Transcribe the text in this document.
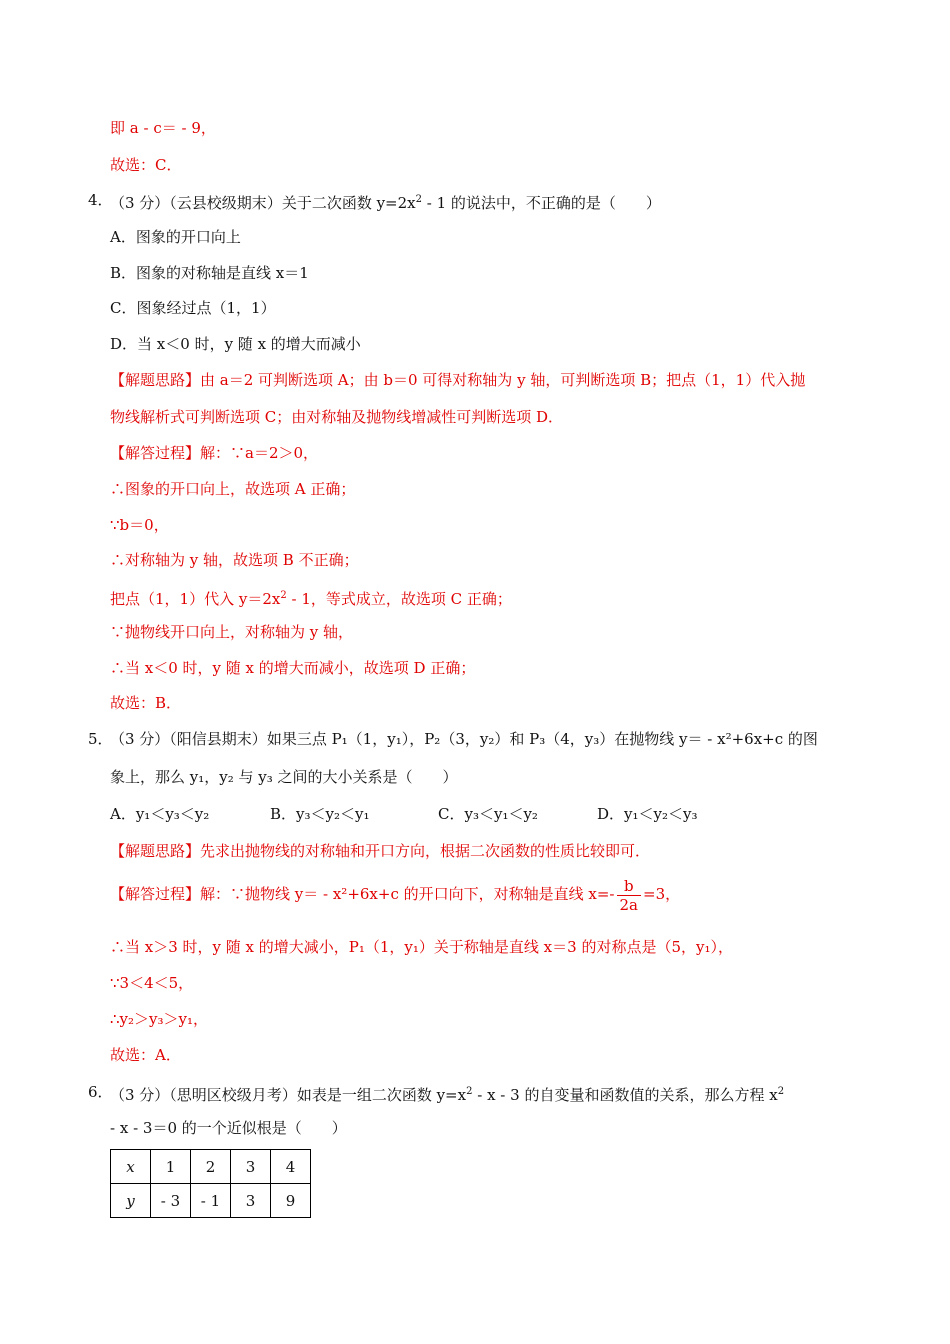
即 a - c＝ - 9，
故选：C．
4．
（3 分）（云县校级期末）关于二次函数 $y=2x^2 - 1$ 的说法中，不正确的是（　　）
A．图象的开口向上
B．图象的对称轴是直线 x＝1
C．图象经过点（1，1）
D．当 x＜0 时，y 随 x 的增大而减小
【解题思路】由 a＝2 可判断选项 A；由 b＝0 可得对称轴为 y 轴，可判断选项 B；把点（1，1）代入抛
物线解析式可判断选项 C；由对称轴及抛物线增减性可判断选项 D．
【解答过程】解：∵a＝2＞0，
∴图象的开口向上，故选项 A 正确；
∵b＝0，
∴对称轴为 y 轴，故选项 B 不正确；
把点（1，1）代入 $y=2x^2 - 1$，等式成立，故选项 C 正确；
∵抛物线开口向上，对称轴为 y 轴，
∴当 x＜0 时，y 随 x 的增大而减小，故选项 D 正确；
故选：B．
5．
（3 分）（阳信县期末）如果三点 P₁（1，y₁），P₂（3，y₂）和 P₃（4，y₃）在抛物线 y＝ - x²+6x+c 的图
象上，那么 y₁，y₂ 与 y₃ 之间的大小关系是（　　）
A．y₁＜y₃＜y₂	B．y₃＜y₂＜y₁	C．y₃＜y₁＜y₂	D．y₁＜y₂＜y₃
【解题思路】先求出抛物线的对称轴和开口方向，根据二次函数的性质比较即可．
【解答过程】解：∵抛物线 y＝ - x²+6x+c 的开口向下，对称轴是直线 $x=- \frac{b}{2a} =3$，
∴当 x＞3 时，y 随 x 的增大减小，P₁（1，y₁）关于称轴是直线 x＝3 的对称点是（5，y₁），
∵3＜4＜5，
∴y₂＞y₃＞y₁，
故选：A．
6．
（3 分）（思明区校级月考）如表是一组二次函数 $y=x^2 - x - 3$ 的自变量和函数值的关系，那么方程 $x^2$
- x - 3＝0 的一个近似根是（　　）
x	1	2	3	4
y	- 3	- 1	3	9
